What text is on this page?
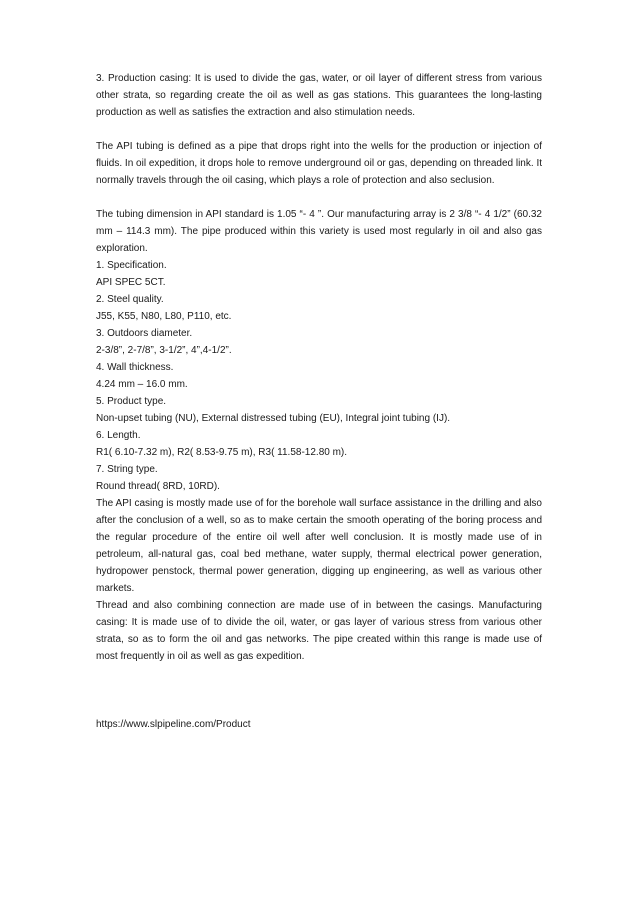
3. Production casing: It is used to divide the gas, water, or oil layer of different stress from various other strata, so regarding create the oil as well as gas stations. This guarantees the long-lasting production as well as satisfies the extraction and also stimulation needs.

The API tubing is defined as a pipe that drops right into the wells for the production or injection of fluids. In oil expedition, it drops hole to remove underground oil or gas, depending on threaded link. It normally travels through the oil casing, which plays a role of protection and also seclusion.

The tubing dimension in API standard is 1.05 “- 4 ”. Our manufacturing array is 2 3/8 “- 4 1/2” (60.32 mm – 114.3 mm). The pipe produced within this variety is used most regularly in oil and also gas exploration.

1. Specification.

API SPEC 5CT.

2. Steel quality.

J55, K55, N80, L80, P110, etc.

3. Outdoors diameter.

2-3/8”, 2-7/8”, 3-1/2”, 4”,4-1/2”.

4. Wall thickness.

4.24 mm – 16.0 mm.

5. Product type.

Non-upset tubing (NU), External distressed tubing (EU), Integral joint tubing (IJ).

6. Length.

R1( 6.10-7.32 m), R2( 8.53-9.75 m), R3( 11.58-12.80 m).

7. String type.

Round thread( 8RD, 10RD).

The API casing is mostly made use of for the borehole wall surface assistance in the drilling and also after the conclusion of a well, so as to make certain the smooth operating of the boring process and the regular procedure of the entire oil well after well conclusion. It is mostly made use of in petroleum, all-natural gas, coal bed methane, water supply, thermal electrical power generation, hydropower penstock, thermal power generation, digging up engineering, as well as various other markets.

Thread and also combining connection are made use of in between the casings. Manufacturing casing: It is made use of to divide the oil, water, or gas layer of various stress from various other strata, so as to form the oil and gas networks. The pipe created within this range is made use of most frequently in oil as well as gas expedition.

https://www.slpipeline.com/Product
